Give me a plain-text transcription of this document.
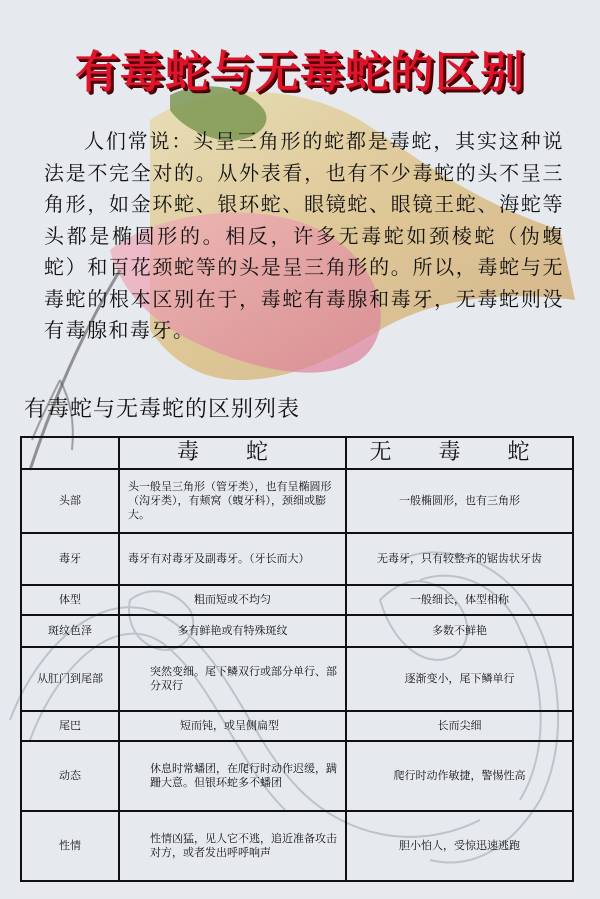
有毒蛇与无毒蛇的区别
人们常说：头呈三角形的蛇都是毒蛇，其实这种说法是不完全对的。从外表看，也有不少毒蛇的头不呈三角形，如金环蛇、银环蛇、眼镜蛇、眼镜王蛇、海蛇等头都是椭圆形的。相反，许多无毒蛇如颈棱蛇（伪蝮蛇）和百花颈蛇等的头是呈三角形的。所以，毒蛇与无毒蛇的根本区别在于，毒蛇有毒腺和毒牙，无毒蛇则没有毒腺和毒牙。
有毒蛇与无毒蛇的区别列表
	毒 蛇	无 毒 蛇
头部	头一般呈三角形（管牙类），也有呈椭圆形（沟牙类），有颊窝（蝮牙科），颈细或膨大。	一般椭圆形，也有三角形
毒牙	毒牙有对毒牙及副毒牙。（牙长而大）	无毒牙，只有较整齐的锯齿状牙齿
体型	粗而短或不均匀	一般细长，体型相称
斑纹色泽	多有鲜艳或有特殊斑纹	多数不鲜艳
从肛门到尾部	突然变细。尾下鳞双行或部分单行、部分双行	逐渐变小，尾下鳞单行
尾巴	短而钝，或呈侧扁型	长而尖细
动态	休息时常蟠团，在爬行时动作迟缓，蹒跚大意。但银环蛇多不蟠团	爬行时动作敏捷，警惕性高
性情	性情凶猛，见人它不逃，追近准备攻击对方，或者发出呼呼响声	胆小怕人，受惊迅速逃跑
